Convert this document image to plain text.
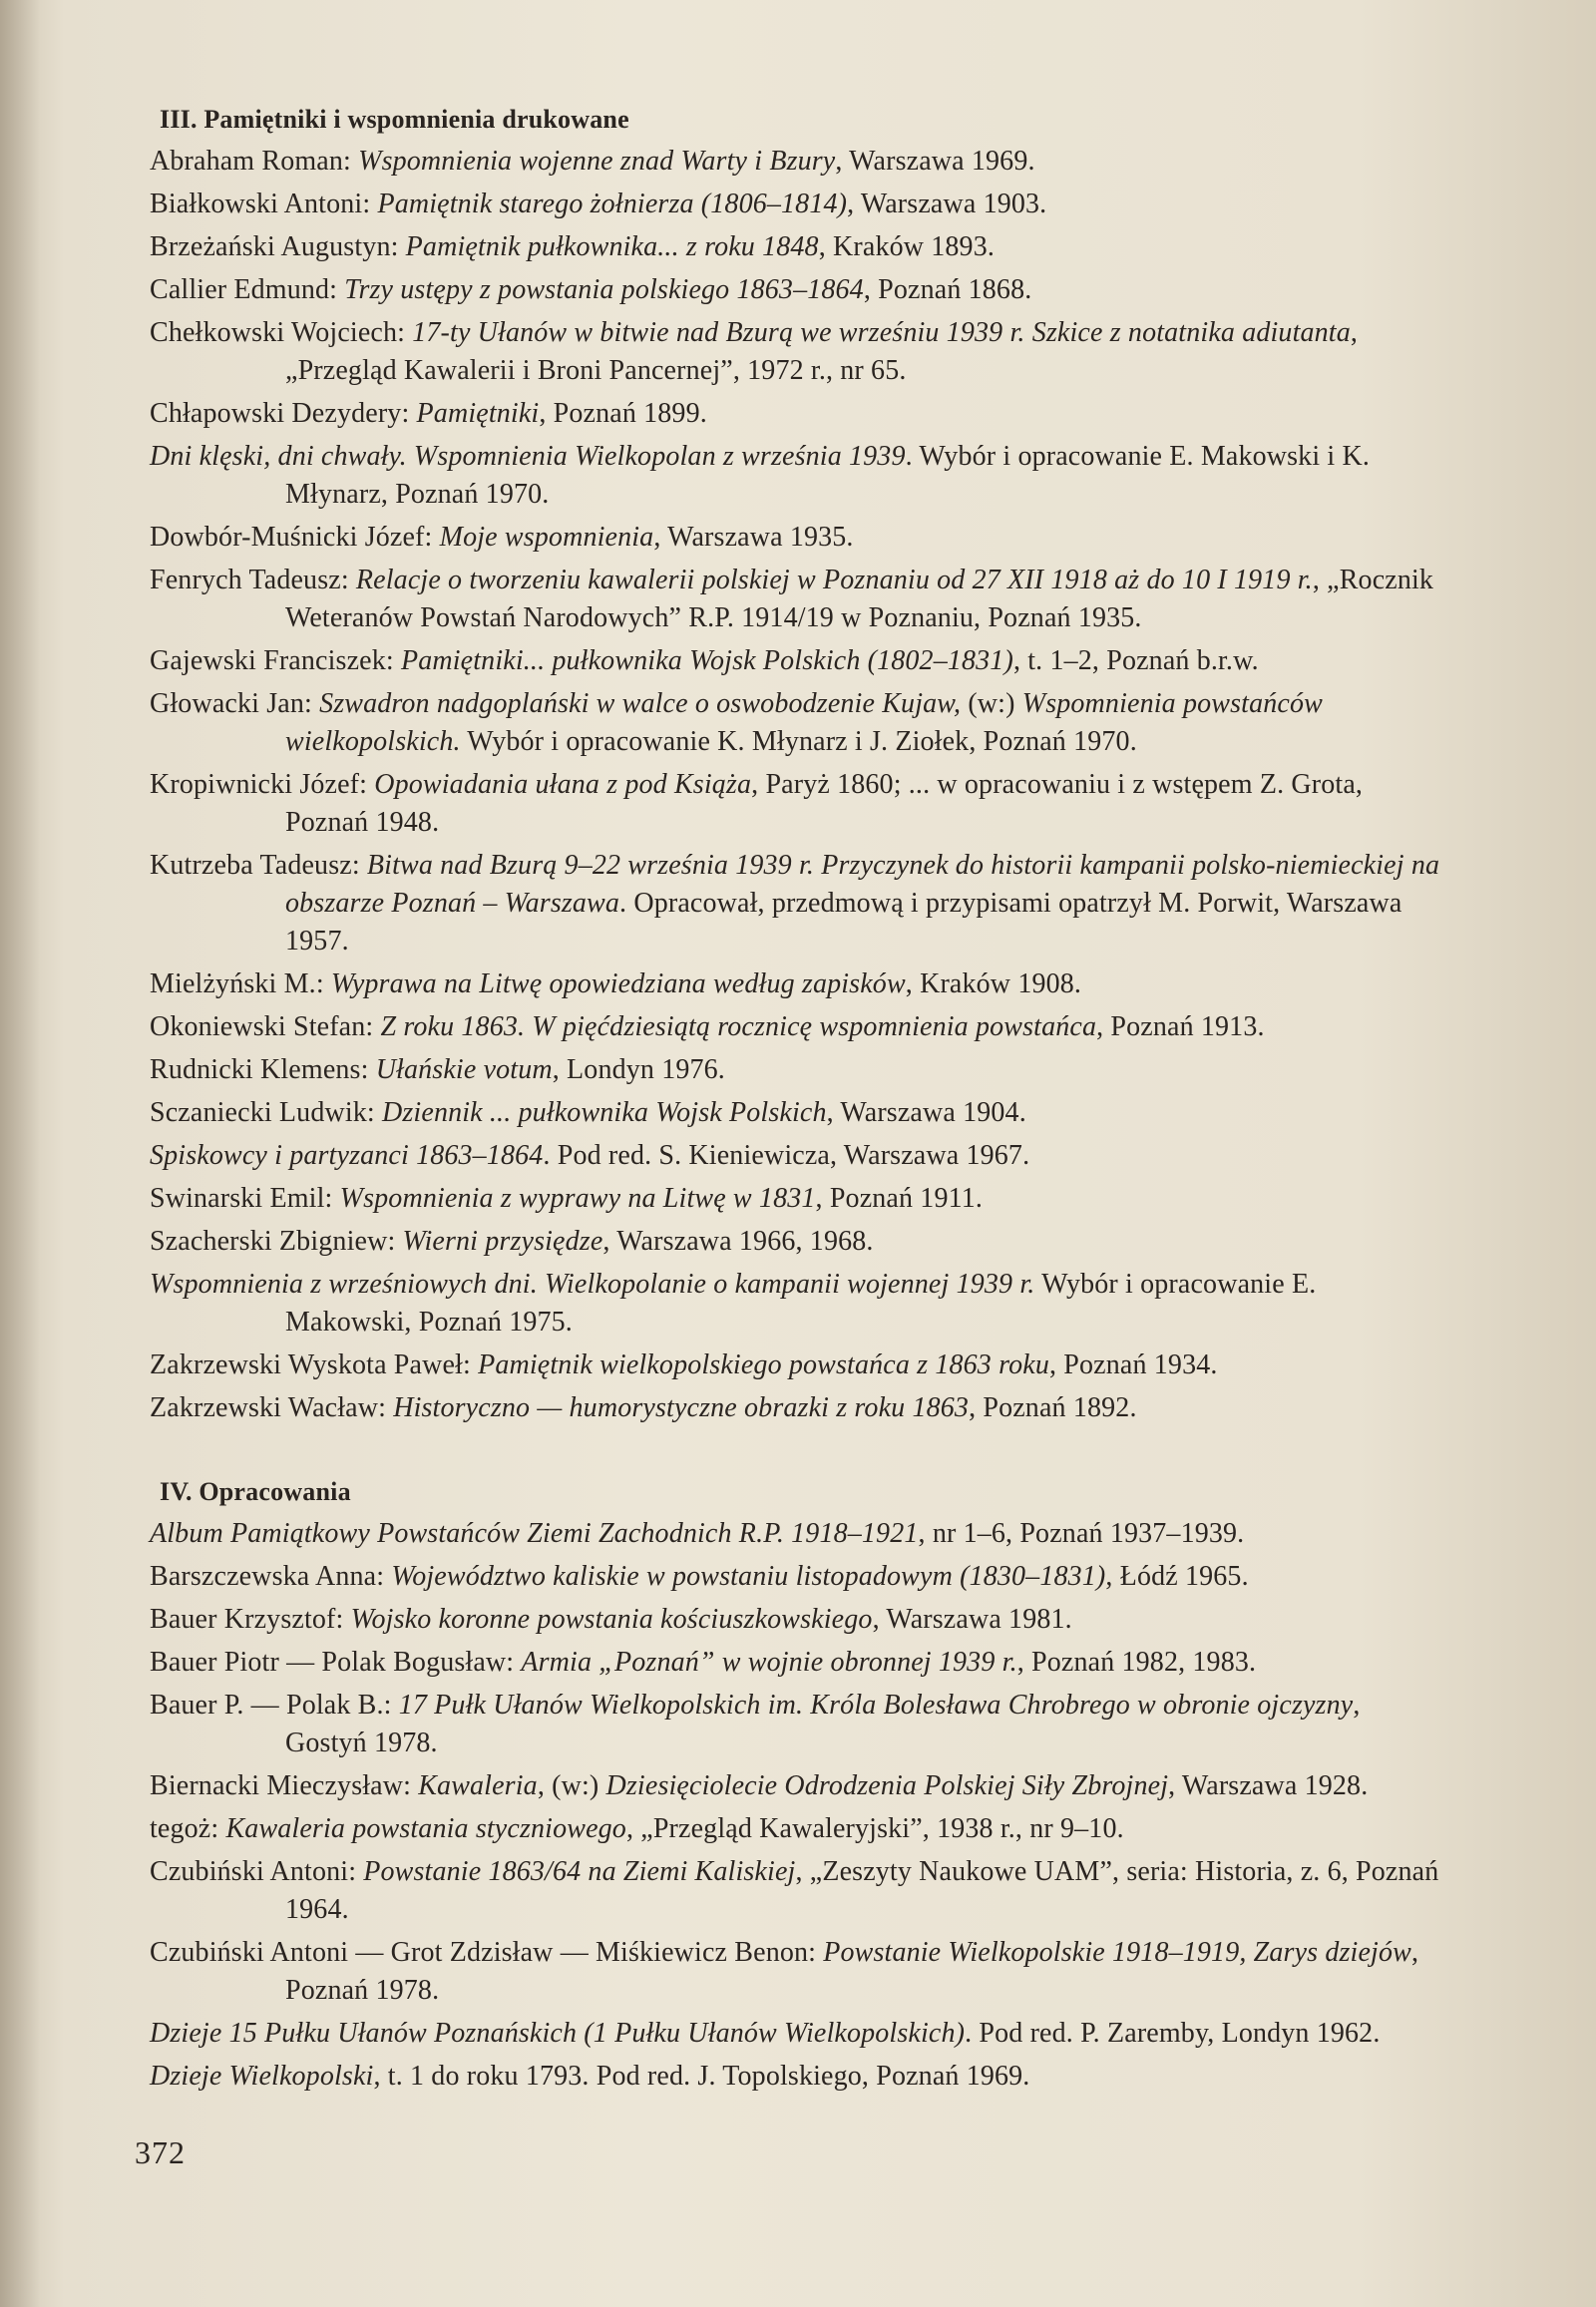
III. Pamiętniki i wspomnienia drukowane
Abraham Roman: Wspomnienia wojenne znad Warty i Bzury, Warszawa 1969.
Białkowski Antoni: Pamiętnik starego żołnierza (1806–1814), Warszawa 1903.
Brzeżański Augustyn: Pamiętnik pułkownika... z roku 1848, Kraków 1893.
Callier Edmund: Trzy ustępy z powstania polskiego 1863–1864, Poznań 1868.
Chełkowski Wojciech: 17-ty Ułanów w bitwie nad Bzurą we wrześniu 1939 r. Szkice z notatnika adiutanta, „Przegląd Kawalerii i Broni Pancernej”, 1972 r., nr 65.
Chłapowski Dezydery: Pamiętniki, Poznań 1899.
Dni klęski, dni chwały. Wspomnienia Wielkopolan z września 1939. Wybór i opracowanie E. Makowski i K. Młynarz, Poznań 1970.
Dowbór-Muśnicki Józef: Moje wspomnienia, Warszawa 1935.
Fenrych Tadeusz: Relacje o tworzeniu kawalerii polskiej w Poznaniu od 27 XII 1918 aż do 10 I 1919 r., „Rocznik Weteranów Powstań Narodowych” R.P. 1914/19 w Poznaniu, Poznań 1935.
Gajewski Franciszek: Pamiętniki... pułkownika Wojsk Polskich (1802–1831), t. 1–2, Poznań b.r.w.
Głowacki Jan: Szwadron nadgoplański w walce o oswobodzenie Kujaw, (w:) Wspomnienia powstańców wielkopolskich. Wybór i opracowanie K. Młynarz i J. Ziołek, Poznań 1970.
Kropiwnicki Józef: Opowiadania ułana z pod Książa, Paryż 1860; ... w opracowaniu i z wstępem Z. Grota, Poznań 1948.
Kutrzeba Tadeusz: Bitwa nad Bzurą 9–22 września 1939 r. Przyczynek do historii kampanii polsko-niemieckiej na obszarze Poznań – Warszawa. Opracował, przedmową i przypisami opatrzył M. Porwit, Warszawa 1957.
Mielżyński M.: Wyprawa na Litwę opowiedziana według zapisków, Kraków 1908.
Okoniewski Stefan: Z roku 1863. W pięćdziesiątą rocznicę wspomnienia powstańca, Poznań 1913.
Rudnicki Klemens: Ułańskie votum, Londyn 1976.
Sczaniecki Ludwik: Dziennik ... pułkownika Wojsk Polskich, Warszawa 1904.
Spiskowcy i partyzanci 1863–1864. Pod red. S. Kieniewicza, Warszawa 1967.
Swinarski Emil: Wspomnienia z wyprawy na Litwę w 1831, Poznań 1911.
Szacherski Zbigniew: Wierni przysiędze, Warszawa 1966, 1968.
Wspomnienia z wrześniowych dni. Wielkopolanie o kampanii wojennej 1939 r. Wybór i opracowanie E. Makowski, Poznań 1975.
Zakrzewski Wyskota Paweł: Pamiętnik wielkopolskiego powstańca z 1863 roku, Poznań 1934.
Zakrzewski Wacław: Historyczno — humorystyczne obrazki z roku 1863, Poznań 1892.
IV. Opracowania
Album Pamiątkowy Powstańców Ziemi Zachodnich R.P. 1918–1921, nr 1–6, Poznań 1937–1939.
Barszczewska Anna: Województwo kaliskie w powstaniu listopadowym (1830–1831), Łódź 1965.
Bauer Krzysztof: Wojsko koronne powstania kościuszkowskiego, Warszawa 1981.
Bauer Piotr — Polak Bogusław: Armia „Poznań” w wojnie obronnej 1939 r., Poznań 1982, 1983.
Bauer P. — Polak B.: 17 Pułk Ułanów Wielkopolskich im. Króla Bolesława Chrobrego w obronie ojczyzny, Gostyń 1978.
Biernacki Mieczysław: Kawaleria, (w:) Dziesięciolecie Odrodzenia Polskiej Siły Zbrojnej, Warszawa 1928.
tegoż: Kawaleria powstania styczniowego, „Przegląd Kawaleryjski”, 1938 r., nr 9–10.
Czubiński Antoni: Powstanie 1863/64 na Ziemi Kaliskiej, „Zeszyty Naukowe UAM”, seria: Historia, z. 6, Poznań 1964.
Czubiński Antoni — Grot Zdzisław — Miśkiewicz Benon: Powstanie Wielkopolskie 1918–1919, Zarys dziejów, Poznań 1978.
Dzieje 15 Pułku Ułanów Poznańskich (1 Pułku Ułanów Wielkopolskich). Pod red. P. Zaremby, Londyn 1962.
Dzieje Wielkopolski, t. 1 do roku 1793. Pod red. J. Topolskiego, Poznań 1969.
372
